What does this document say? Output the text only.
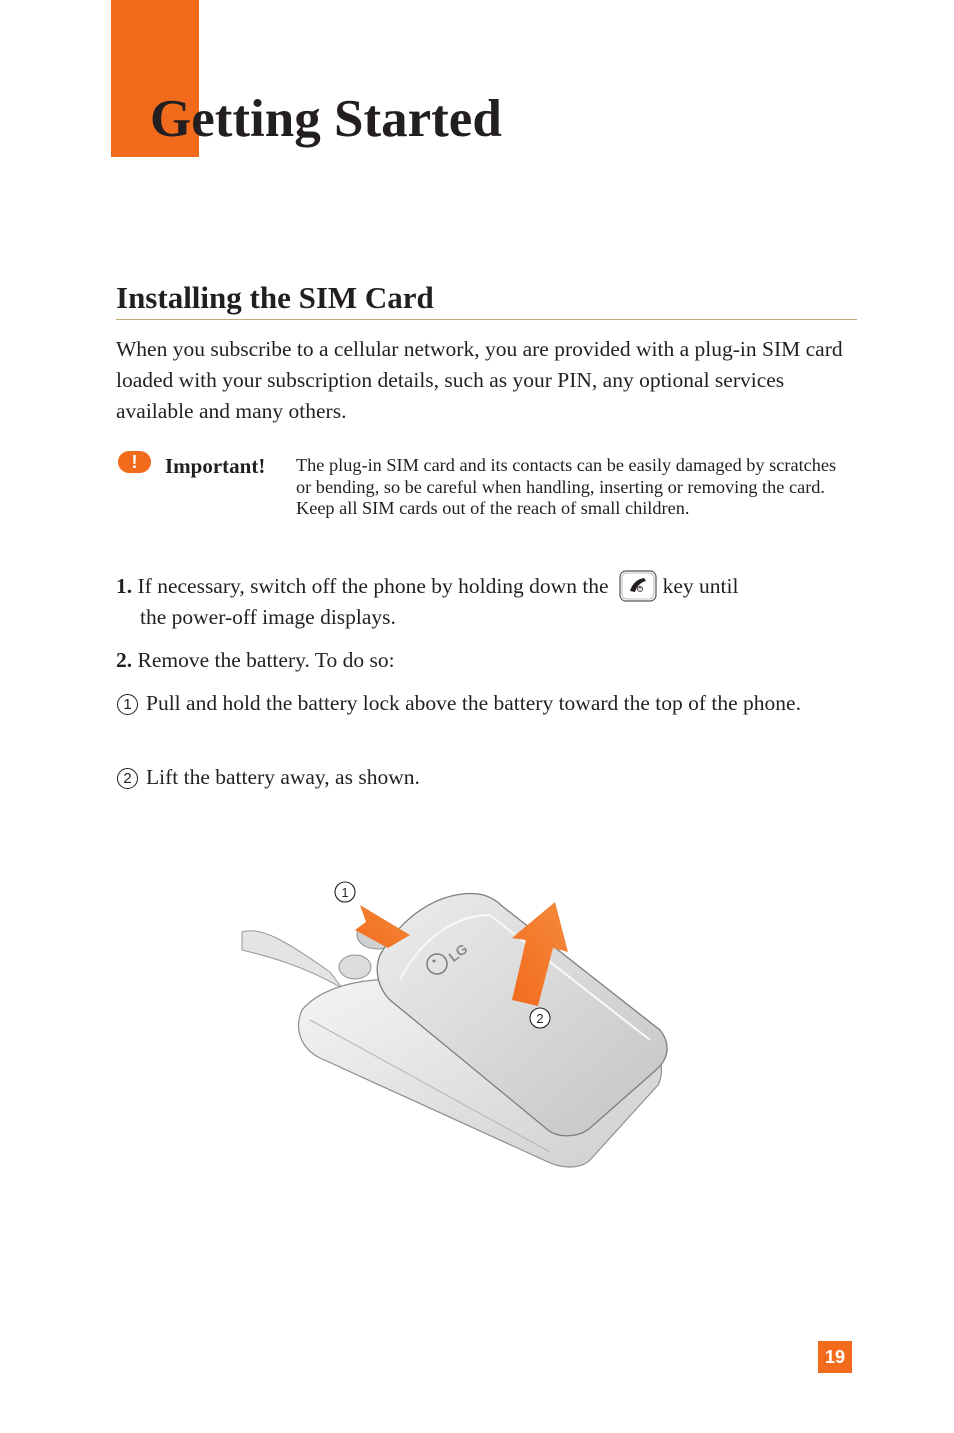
Getting Started
Installing the SIM Card

When you subscribe to a cellular network, you are provided with a plug-in SIM card loaded with your subscription details, such as your PIN, any optional services available and many others.

!	Important! The plug-in SIM card and its contacts can be easily damaged by scratches or bending, so be careful when handling, inserting or removing the card. Keep all SIM cards out of the reach of small children.

1. If necessary, switch off the phone by holding down the	key until
the power-off image displays.

2. Remove the battery. To do so:

1 Pull and hold the battery lock above the battery toward the top of the phone.

2 Lift the battery away, as shown.

LG
1
2
19
